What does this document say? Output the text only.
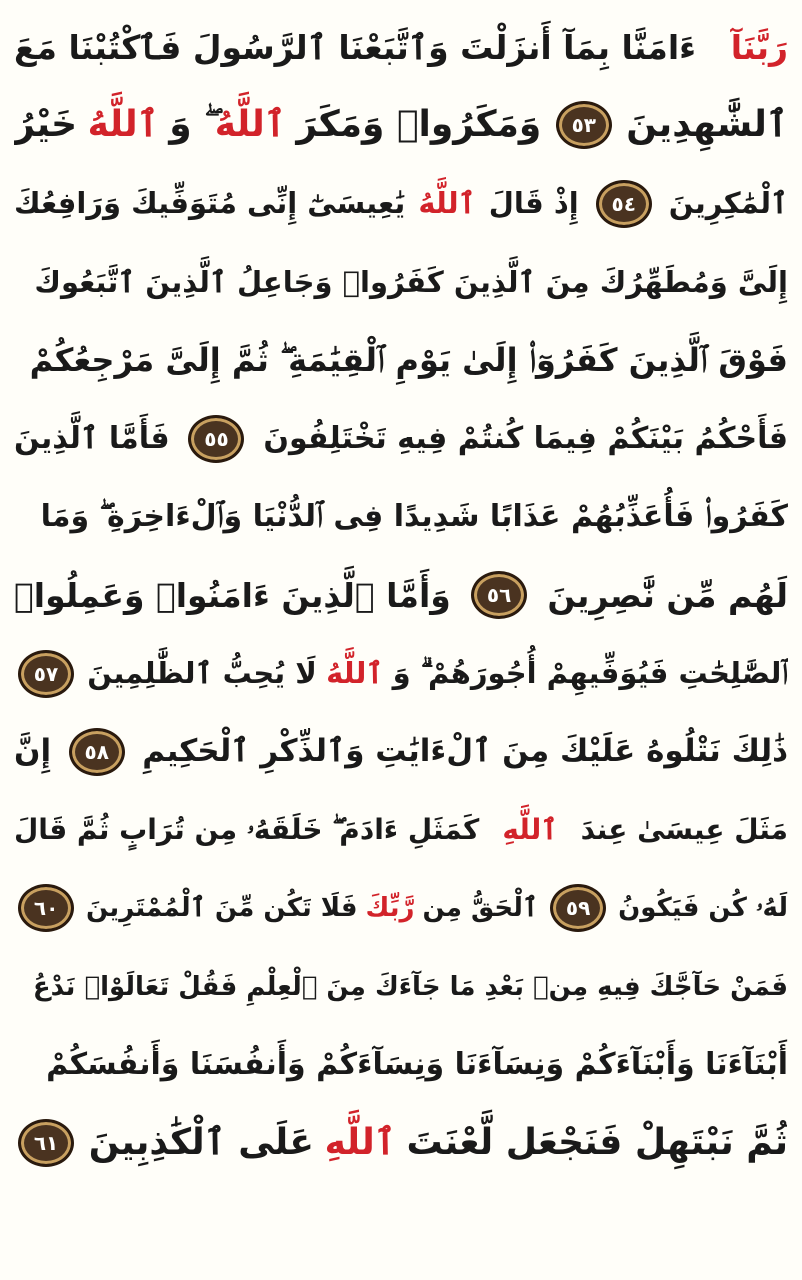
رَبَّنَآ
ءَامَنَّا بِمَآ أَنزَلْتَ وَٱتَّبَعْنَا ٱلرَّسُولَ فَٱكْتُبْنَا مَعَ
ٱلشَّٰهِدِينَ
٥٣
وَمَكَرُوا۟ وَمَكَرَ
ٱللَّهُ
ۖ وَ
ٱللَّهُ
خَيْرُ
ٱلْمَٰكِرِينَ
٥٤
إِذْ قَالَ
ٱللَّهُ
يَٰعِيسَىٰٓ إِنِّى مُتَوَفِّيكَ وَرَافِعُكَ
إِلَىَّ وَمُطَهِّرُكَ مِنَ ٱلَّذِينَ كَفَرُوا۟ وَجَاعِلُ ٱلَّذِينَ ٱتَّبَعُوكَ
فَوْقَ ٱلَّذِينَ كَفَرُوٓا۟ إِلَىٰ يَوْمِ ٱلْقِيَٰمَةِ ۖ ثُمَّ إِلَىَّ مَرْجِعُكُمْ
فَأَحْكُمُ بَيْنَكُمْ فِيمَا كُنتُمْ فِيهِ تَخْتَلِفُونَ
٥٥
فَأَمَّا ٱلَّذِينَ
كَفَرُوا۟ فَأُعَذِّبُهُمْ عَذَابًا شَدِيدًا فِى ٱلدُّنْيَا وَٱلْءَاخِرَةِ ۖ وَمَا
لَهُم مِّن نَّٰصِرِينَ
٥٦
وَأَمَّا ٱلَّذِينَ ءَامَنُوا۟ وَعَمِلُوا۟
ٱلصَّٰلِحَٰتِ فَيُوَفِّيهِمْ أُجُورَهُمْ ۗ وَ
ٱللَّهُ
لَا يُحِبُّ ٱلظَّٰلِمِينَ
٥٧
ذَٰلِكَ نَتْلُوهُ عَلَيْكَ مِنَ ٱلْءَايَٰتِ وَٱلذِّكْرِ ٱلْحَكِيمِ
٥٨
إِنَّ
مَثَلَ عِيسَىٰ عِندَ
ٱللَّهِ
كَمَثَلِ ءَادَمَ ۖ خَلَقَهُۥ مِن تُرَابٍ ثُمَّ قَالَ
لَهُۥ كُن فَيَكُونُ
٥٩
ٱلْحَقُّ مِن
رَّبِّكَ
فَلَا تَكُن مِّنَ ٱلْمُمْتَرِينَ
٦٠
فَمَنْ حَآجَّكَ فِيهِ مِنۢ بَعْدِ مَا جَآءَكَ مِنَ ٱلْعِلْمِ فَقُلْ تَعَالَوْا۟ نَدْعُ
أَبْنَآءَنَا وَأَبْنَآءَكُمْ وَنِسَآءَنَا وَنِسَآءَكُمْ وَأَنفُسَنَا وَأَنفُسَكُمْ
ثُمَّ نَبْتَهِلْ فَنَجْعَل لَّعْنَتَ
ٱللَّهِ
عَلَى ٱلْكَٰذِبِينَ
٦١
